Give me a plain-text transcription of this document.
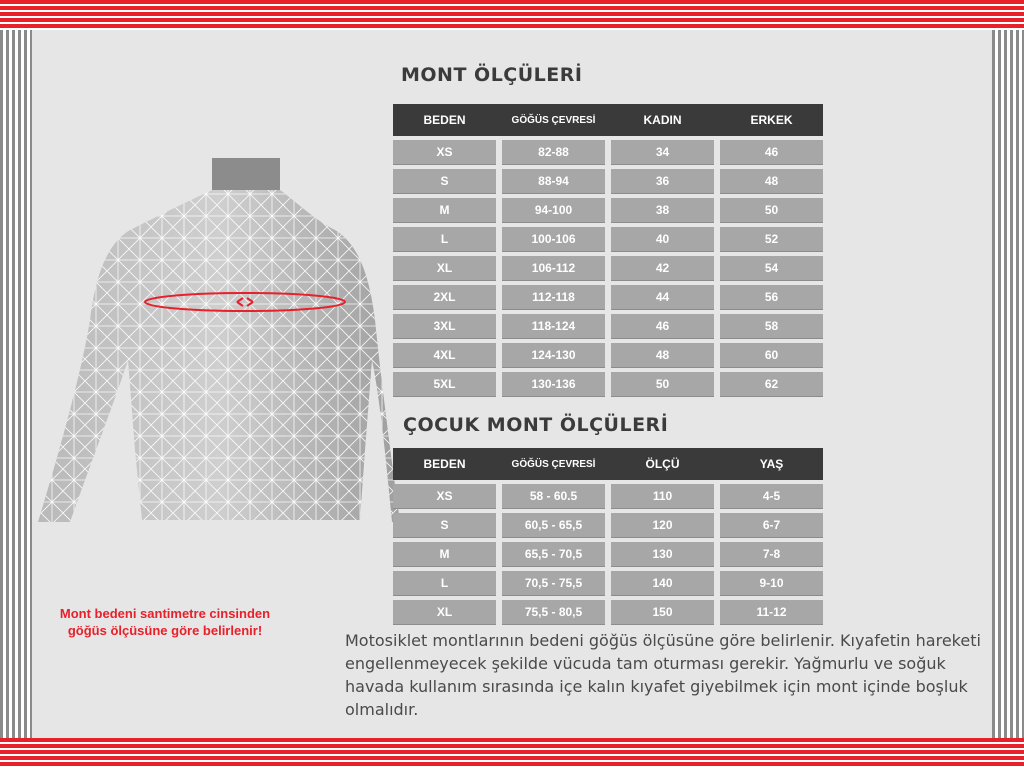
MONT ÖLÇÜLERİ
BEDEN	GÖĞÜS ÇEVRESİ	KADIN	ERKEK
XS	82-88	34	46
S	88-94	36	48
M	94-100	38	50
L	100-106	40	52
XL	106-112	42	54
2XL	112-118	44	56
3XL	118-124	46	58
4XL	124-130	48	60
5XL	130-136	50	62
ÇOCUK MONT ÖLÇÜLERİ
BEDEN	GÖĞÜS ÇEVRESİ	ÖLÇÜ	YAŞ
XS	58 - 60.5	110	4-5
S	60,5 - 65,5	120	6-7
M	65,5 - 70,5	130	7-8
L	70,5 - 75,5	140	9-10
XL	75,5 - 80,5	150	11-12
Mont bedeni santimetre cinsinden göğüs ölçüsüne göre belirlenir!
Motosiklet montlarının bedeni göğüs ölçüsüne göre belirlenir. Kıyafetin hareketi engellenmeyecek şekilde vücuda tam oturması gerekir. Yağmurlu ve soğuk havada kullanım sırasında içe kalın kıyafet giyebilmek için mont içinde boşluk olmalıdır.
